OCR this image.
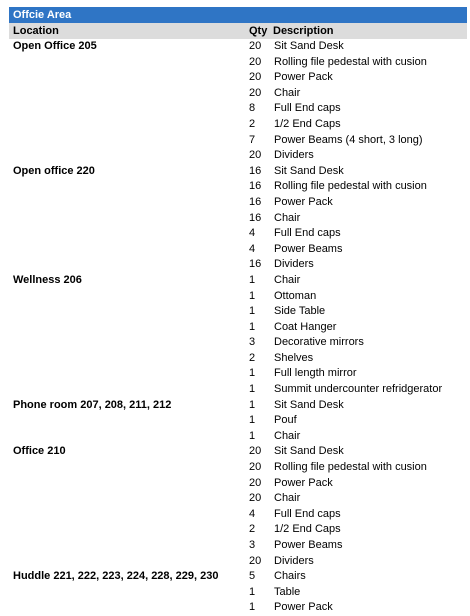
Offcie Area
Location	Qty Description
Open Office 205	20 Sit Sand Desk
20 Rolling file pedestal with cusion
20 Power Pack
20 Chair
8 Full End caps
2 1/2 End Caps
7 Power Beams (4 short, 3 long)
20 Dividers
Open office 220	16 Sit Sand Desk
16 Rolling file pedestal with cusion
16 Power Pack
16 Chair
4 Full End caps
4 Power Beams
16 Dividers
Wellness 206	1 Chair
1 Ottoman
1 Side Table
1 Coat Hanger
3 Decorative mirrors
2 Shelves
1 Full length mirror
1 Summit undercounter refridgerator
Phone room 207, 208, 211, 212	1 Sit Sand Desk
1 Pouf
1 Chair
Office 210	20 Sit Sand Desk
20 Rolling file pedestal with cusion
20 Power Pack
20 Chair
4 Full End caps
2 1/2 End Caps
3 Power Beams
20 Dividers
Huddle 221, 222, 223, 224, 228, 229, 230	5 Chairs
1 Table
1 Power Pack
